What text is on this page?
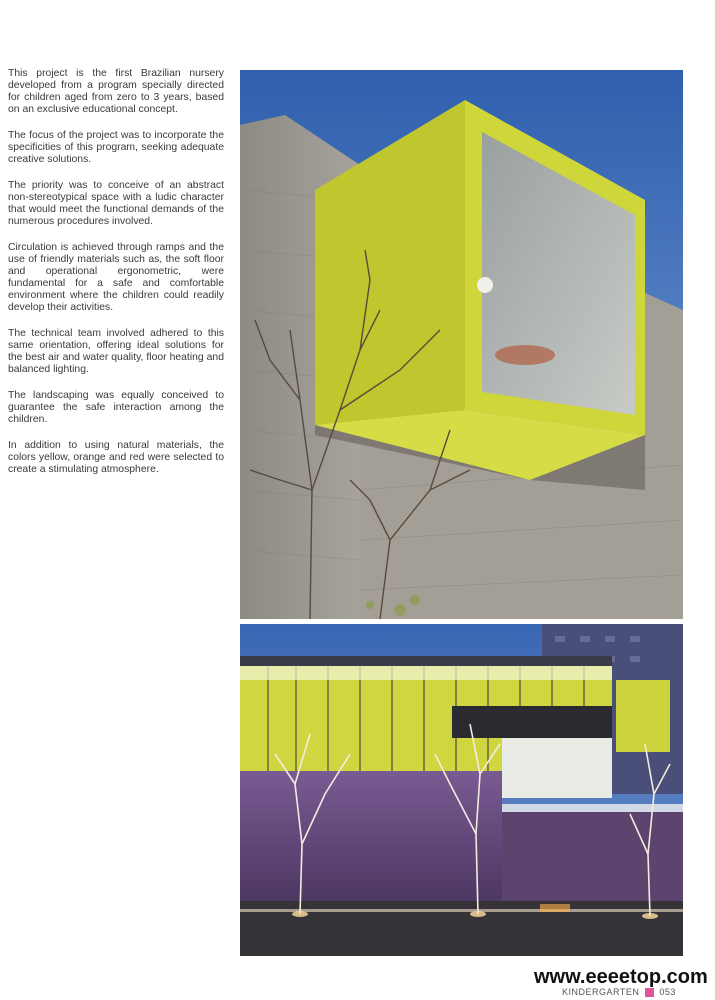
This project is the first Brazilian nursery developed from a program specially directed for children aged from zero to 3 years, based on an exclusive educational concept.

The focus of the project was to incorporate the specificities of this program, seeking adequate creative solutions.

The priority was to conceive of an abstract non-stereotypical space with a ludic character that would meet the functional demands of the numerous procedures involved.

Circulation is achieved through ramps and the use of friendly materials such as, the soft floor and operational ergonometric, were fundamental for a safe and comfortable environment where the children could readily develop their activities.

The technical team involved adhered to this same orientation, offering ideal solutions for the best air and water quality, floor heating and balanced lighting.

The landscaping was equally conceived to guarantee the safe interaction among the children.

In addition to using natural materials, the colors yellow, orange and red were selected to create a stimulating atmosphere.

www.eeeetop.com
KINDERGARTEN 053
